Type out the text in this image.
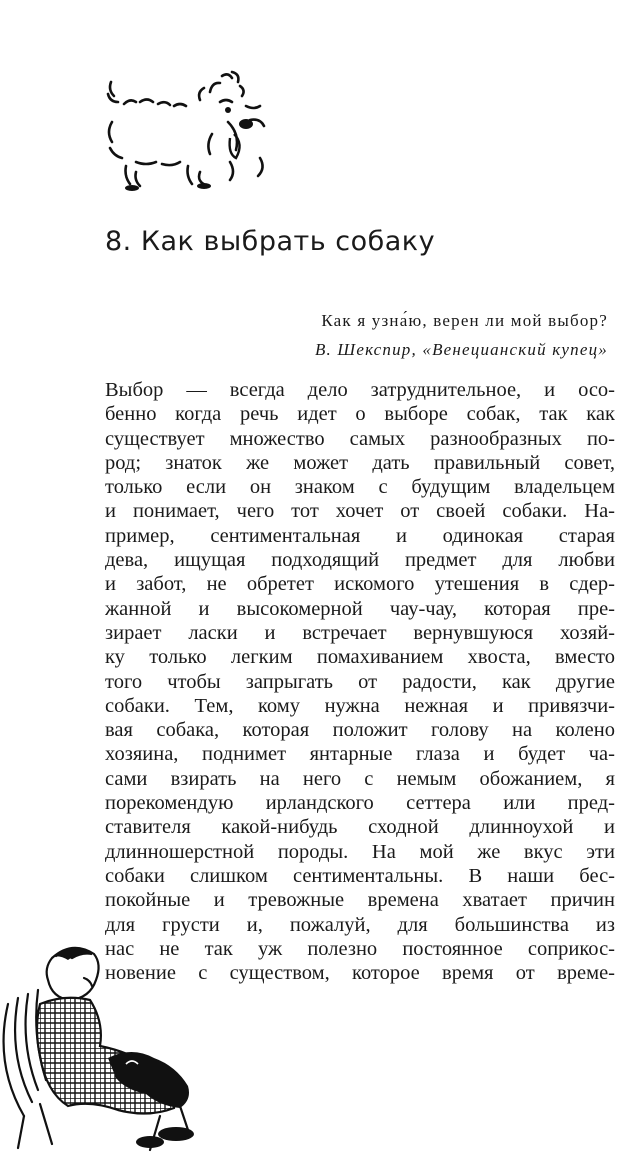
8. Как выбрать собаку
Как я узна́ю, верен ли мой выбор?
В. Шекспир, «Венецианский купец»
Выбор — всегда дело затруднительное, и осо-
бенно когда речь идет о выборе собак, так как
существует множество самых разнообразных по-
род; знаток же может дать правильный совет,
только если он знаком с будущим владельцем
и понимает, чего тот хочет от своей собаки. На-
пример, сентиментальная и одинокая старая
дева, ищущая подходящий предмет для любви
и забот, не обретет искомого утешения в сдер-
жанной и высокомерной чау-чау, которая пре-
зирает ласки и встречает вернувшуюся хозяй-
ку только легким помахиванием хвоста, вместо
того чтобы запрыгать от радости, как другие
собаки. Тем, кому нужна нежная и привязчи-
вая собака, которая положит голову на колено
хозяина, поднимет янтарные глаза и будет ча-
сами взирать на него с немым обожанием, я
порекомендую ирландского сеттера или пред-
ставителя какой-нибудь сходной длинноухой и
длинношерстной породы. На мой же вкус эти
собаки слишком сентиментальны. В наши бес-
покойные и тревожные времена хватает причин
для грусти и, пожалуй, для большинства из
нас не так уж полезно постоянное соприкос-
новение с существом, которое время от време-
